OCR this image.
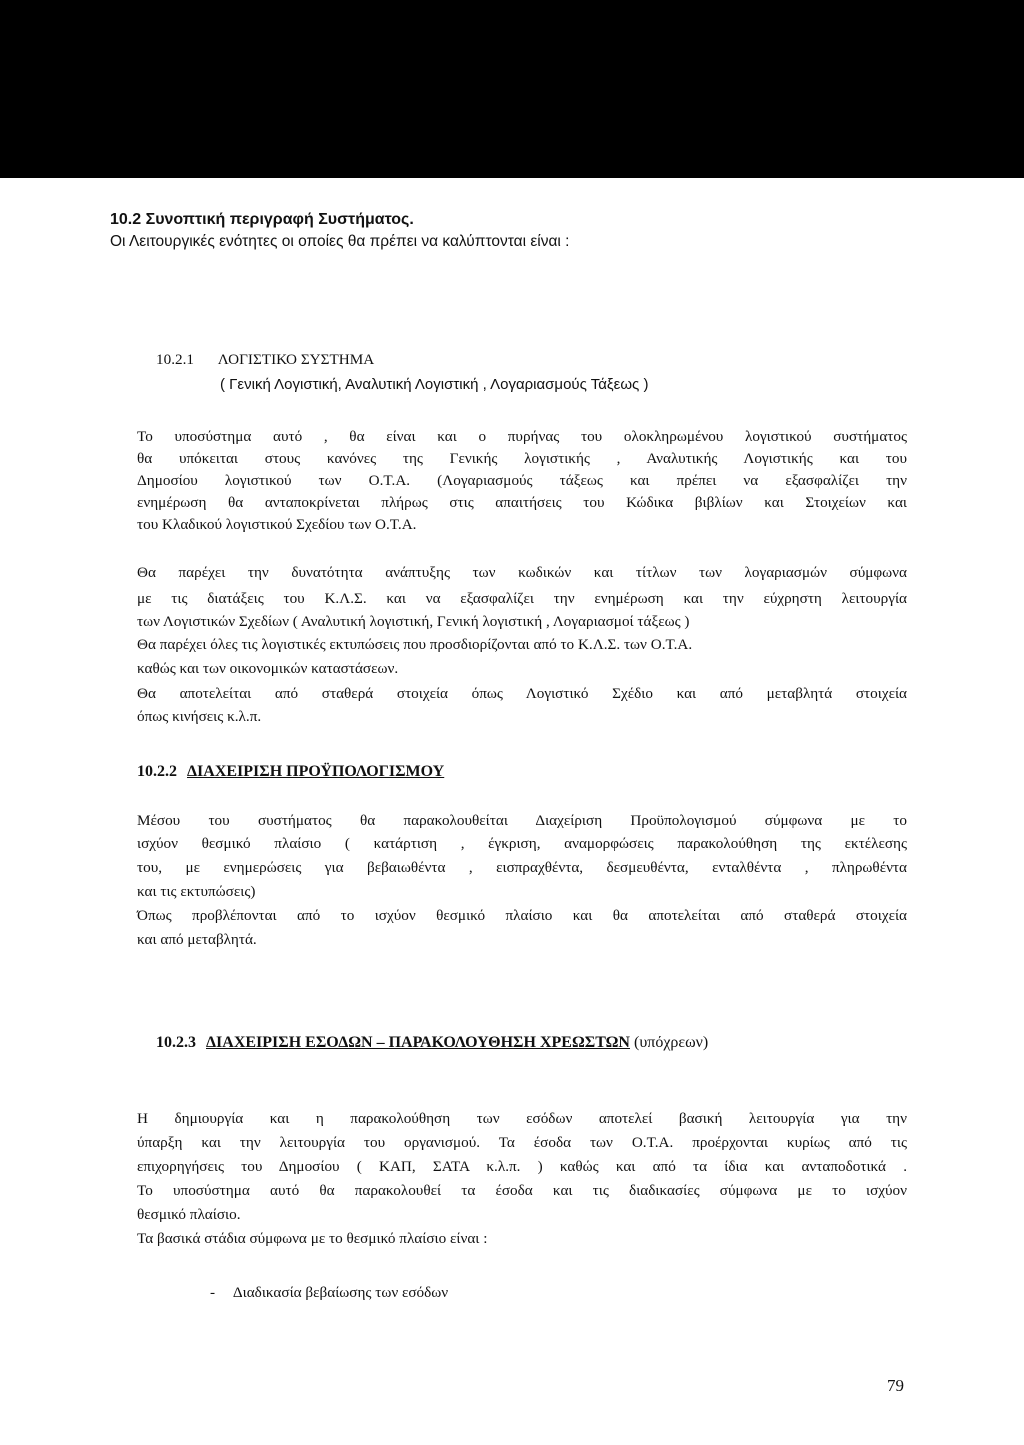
10.2 Συνοπτική περιγραφή Συστήματος.
Οι Λειτουργικές ενότητες οι οποίες θα πρέπει να καλύπτονται είναι :
10.2.1 ΛΟΓΙΣΤΙΚΟ ΣΥΣΤΗΜΑ
( Γενική Λογιστική, Αναλυτική Λογιστική , Λογαριασμούς Τάξεως )
Το υποσύστημα αυτό , θα είναι και ο πυρήνας του ολοκληρωμένου λογιστικού συστήματος
θα υπόκειται στους κανόνες της Γενικής λογιστικής , Αναλυτικής Λογιστικής και του
Δημοσίου λογιστικού των Ο.Τ.Α. (Λογαριασμούς τάξεως και πρέπει να εξασφαλίζει την
ενημέρωση θα ανταποκρίνεται πλήρως στις απαιτήσεις του Κώδικα βιβλίων και Στοιχείων και
του Κλαδικού λογιστικού Σχεδίου των Ο.Τ.Α.
Θα παρέχει την δυνατότητα ανάπτυξης των κωδικών και τίτλων των λογαριασμών σύμφωνα
με τις διατάξεις του Κ.Λ.Σ. και να εξασφαλίζει την ενημέρωση και την εύχρηστη λειτουργία
των Λογιστικών Σχεδίων ( Αναλυτική λογιστική, Γενική λογιστική , Λογαριασμοί τάξεως )
Θα παρέχει όλες τις λογιστικές εκτυπώσεις που προσδιορίζονται από το Κ.Λ.Σ. των Ο.Τ.Α.
καθώς και των οικονομικών καταστάσεων.
Θα αποτελείται από σταθερά στοιχεία όπως Λογιστικό Σχέδιο και από μεταβλητά στοιχεία
όπως κινήσεις κ.λ.π.
10.2.2 ΔΙΑΧΕΙΡΙΣΗ ΠΡΟΫΠΟΛΟΓΙΣΜΟΥ
Μέσου του συστήματος θα παρακολουθείται Διαχείριση Προϋπολογισμού σύμφωνα με το
ισχύον θεσμικό πλαίσιο ( κατάρτιση , έγκριση, αναμορφώσεις παρακολούθηση της εκτέλεσης
του, με ενημερώσεις για βεβαιωθέντα , εισπραχθέντα, δεσμευθέντα, ενταλθέντα , πληρωθέντα
και τις εκτυπώσεις)
Όπως προβλέπονται από το ισχύον θεσμικό πλαίσιο και θα αποτελείται από σταθερά στοιχεία
και από μεταβλητά.
10.2.3 ΔΙΑΧΕΙΡΙΣΗ ΕΣΟΔΩΝ – ΠΑΡΑΚΟΛΟΥΘΗΣΗ ΧΡΕΩΣΤΩΝ (υπόχρεων)
Η δημιουργία και η παρακολούθηση των εσόδων αποτελεί βασική λειτουργία για την
ύπαρξη και την λειτουργία του οργανισμού. Τα έσοδα των Ο.Τ.Α. προέρχονται κυρίως από τις
επιχορηγήσεις του Δημοσίου ( ΚΑΠ, ΣΑΤΑ κ.λ.π. ) καθώς και από τα ίδια και ανταποδοτικά .
Το υποσύστημα αυτό θα παρακολουθεί τα έσοδα και τις διαδικασίες σύμφωνα με το ισχύον
θεσμικό πλαίσιο.
Τα βασικά στάδια σύμφωνα με το θεσμικό πλαίσιο είναι :
- Διαδικασία βεβαίωσης των εσόδων
79
